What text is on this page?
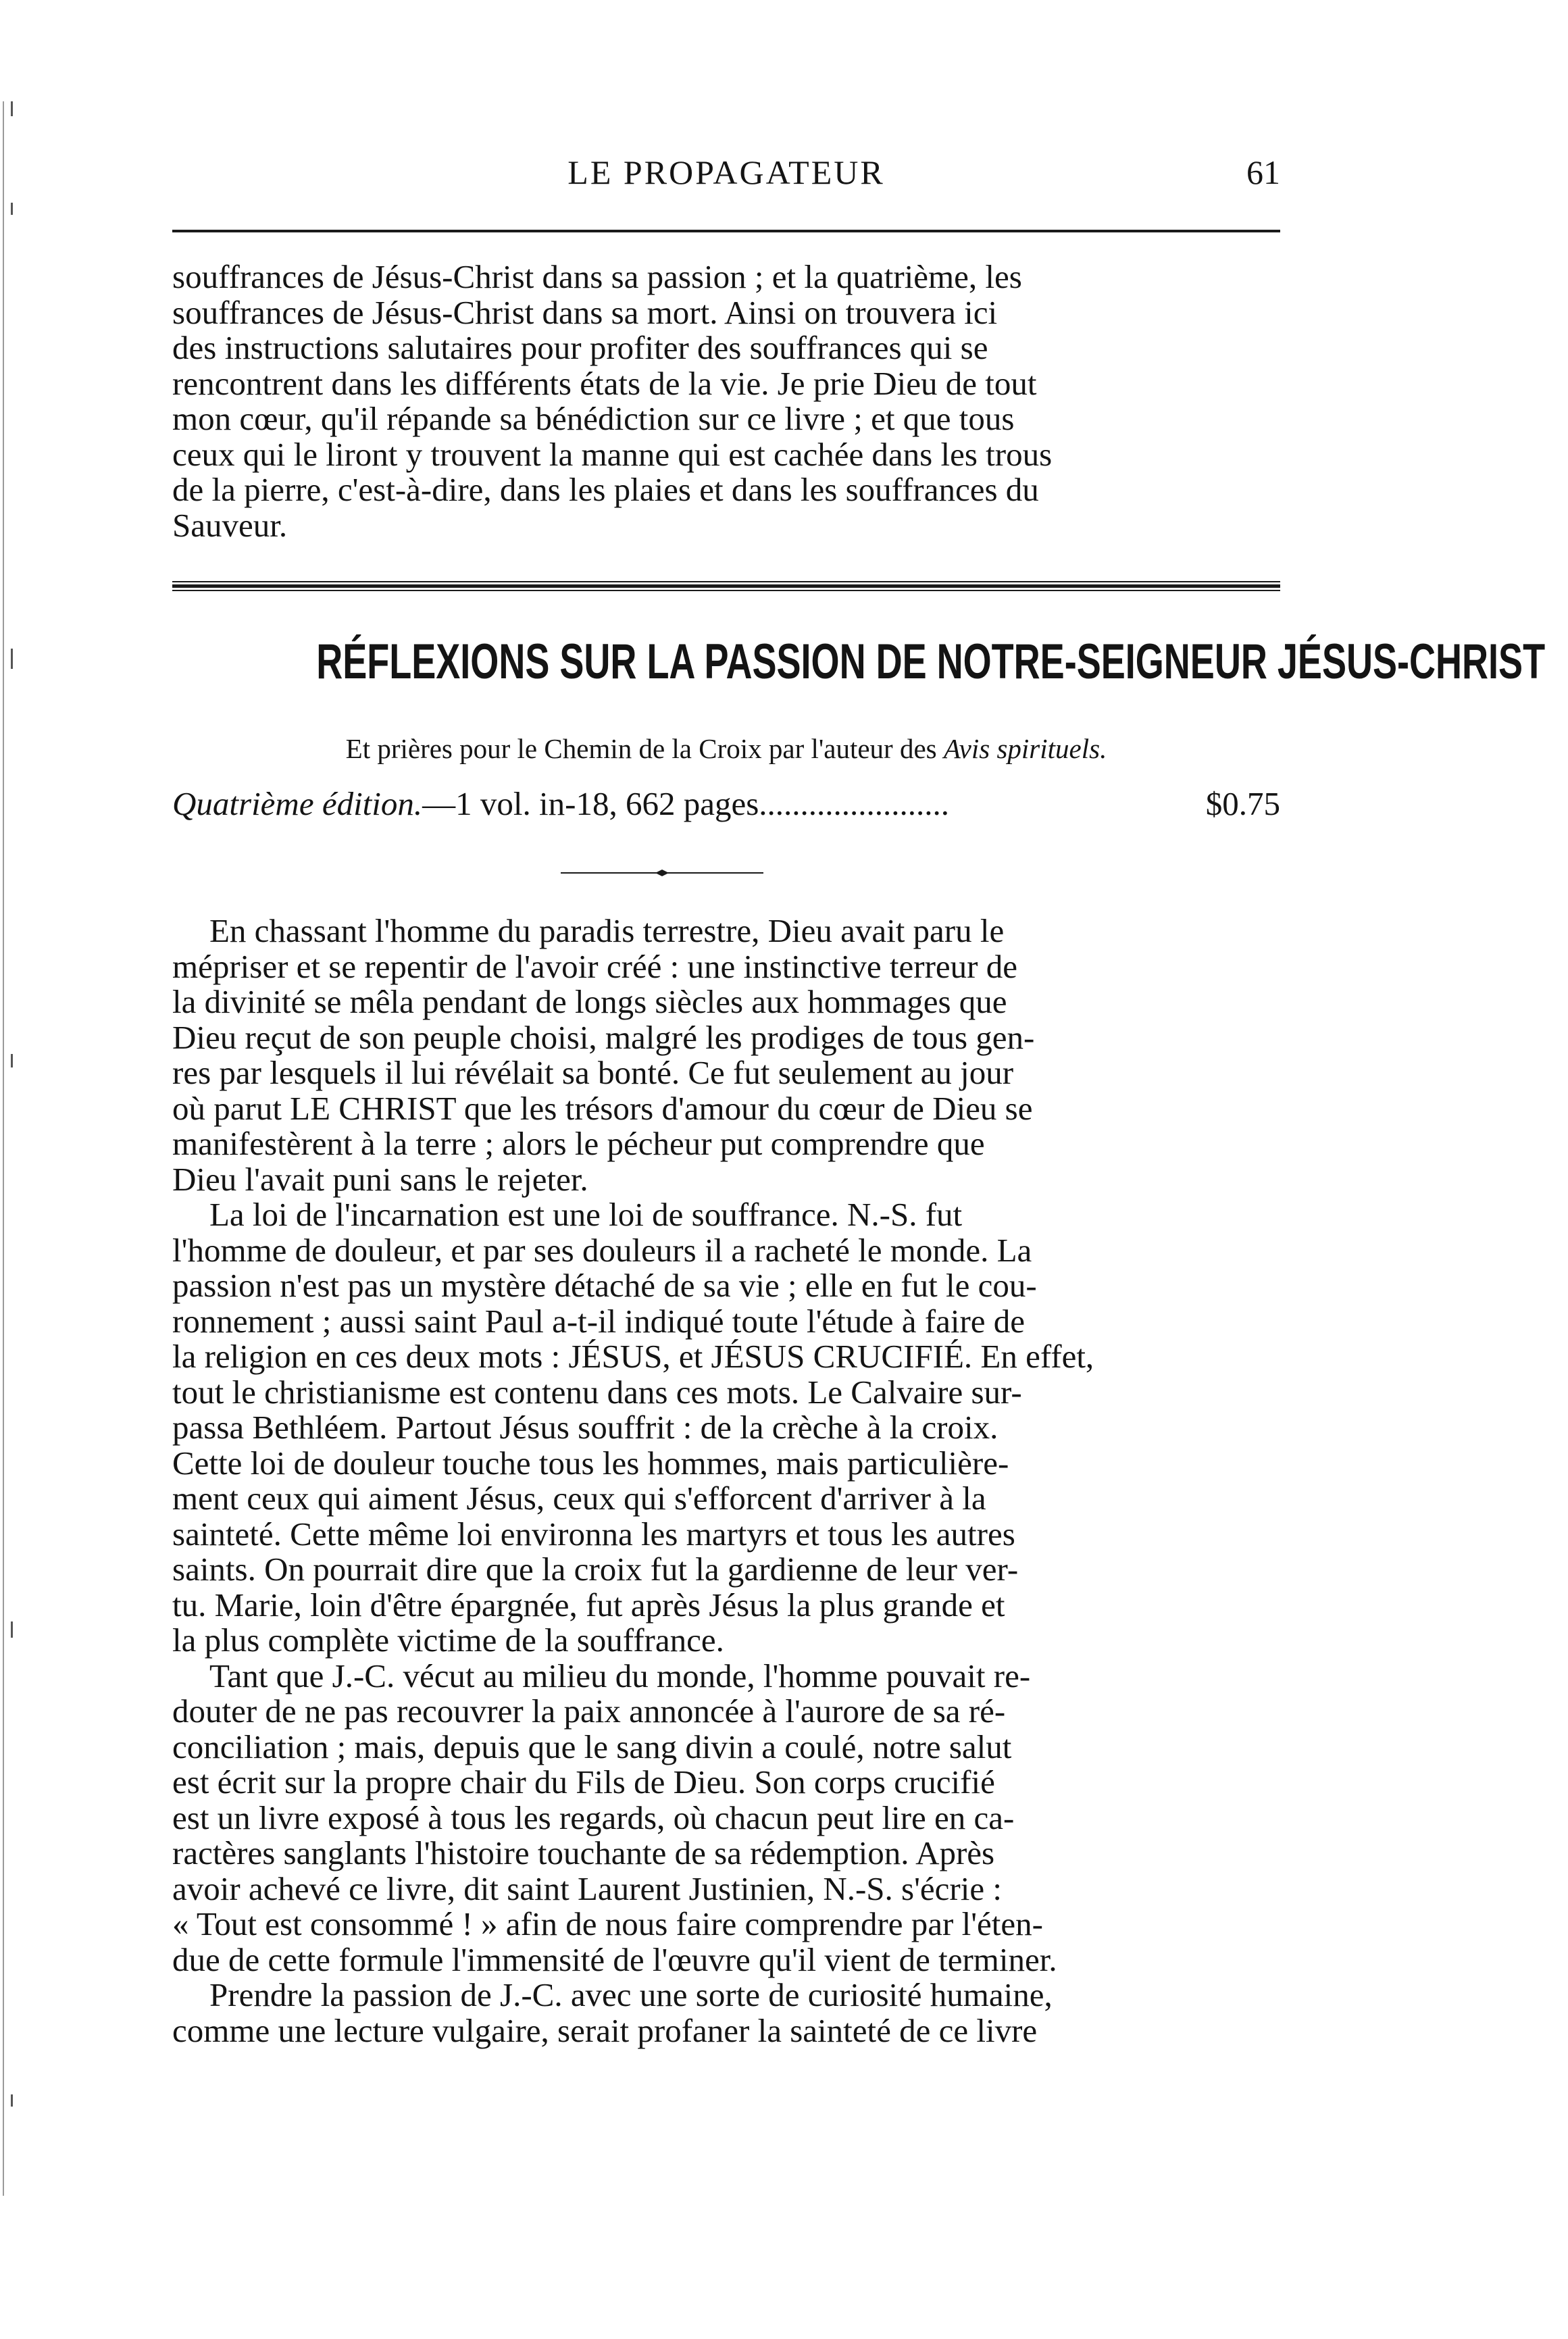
LE PROPAGATEUR	61

souffrances de Jésus-Christ dans sa passion ; et la quatrième, les

souffrances de Jésus-Christ dans sa mort. Ainsi on trouvera ici

des instructions salutaires pour profiter des souffrances qui se

rencontrent dans les différents états de la vie. Je prie Dieu de tout

mon cœur, qu'il répande sa bénédiction sur ce livre ; et que tous

ceux qui le liront y trouvent la manne qui est cachée dans les trous

de la pierre, c'est-à-dire, dans les plaies et dans les souffrances du

Sauveur.

RÉFLEXIONS SUR LA PASSION DE NOTRE-SEIGNEUR JÉSUS-CHRIST
Et prières pour le Chemin de la Croix par l'auteur des Avis spirituels.
Quatrième édition.—1 vol. in-18, 662 pages.......................	$0.75

En chassant l'homme du paradis terrestre, Dieu avait paru le

mépriser et se repentir de l'avoir créé : une instinctive terreur de

la divinité se mêla pendant de longs siècles aux hommages que

Dieu reçut de son peuple choisi, malgré les prodiges de tous gen-

res par lesquels il lui révélait sa bonté. Ce fut seulement au jour

où parut LE CHRIST que les trésors d'amour du cœur de Dieu se

manifestèrent à la terre ; alors le pécheur put comprendre que

Dieu l'avait puni sans le rejeter.

La loi de l'incarnation est une loi de souffrance. N.-S. fut

l'homme de douleur, et par ses douleurs il a racheté le monde. La

passion n'est pas un mystère détaché de sa vie ; elle en fut le cou-

ronnement ; aussi saint Paul a-t-il indiqué toute l'étude à faire de

la religion en ces deux mots : JÉSUS, et JÉSUS CRUCIFIÉ. En effet,

tout le christianisme est contenu dans ces mots. Le Calvaire sur-

passa Bethléem. Partout Jésus souffrit : de la crèche à la croix.

Cette loi de douleur touche tous les hommes, mais particulière-

ment ceux qui aiment Jésus, ceux qui s'efforcent d'arriver à la

sainteté. Cette même loi environna les martyrs et tous les autres

saints. On pourrait dire que la croix fut la gardienne de leur ver-

tu. Marie, loin d'être épargnée, fut après Jésus la plus grande et

la plus complète victime de la souffrance.

Tant que J.-C. vécut au milieu du monde, l'homme pouvait re-

douter de ne pas recouvrer la paix annoncée à l'aurore de sa ré-

conciliation ; mais, depuis que le sang divin a coulé, notre salut

est écrit sur la propre chair du Fils de Dieu. Son corps crucifié

est un livre exposé à tous les regards, où chacun peut lire en ca-

ractères sanglants l'histoire touchante de sa rédemption. Après

avoir achevé ce livre, dit saint Laurent Justinien, N.-S. s'écrie :

« Tout est consommé ! » afin de nous faire comprendre par l'éten-

due de cette formule l'immensité de l'œuvre qu'il vient de terminer.

Prendre la passion de J.-C. avec une sorte de curiosité humaine,

comme une lecture vulgaire, serait profaner la sainteté de ce livre
